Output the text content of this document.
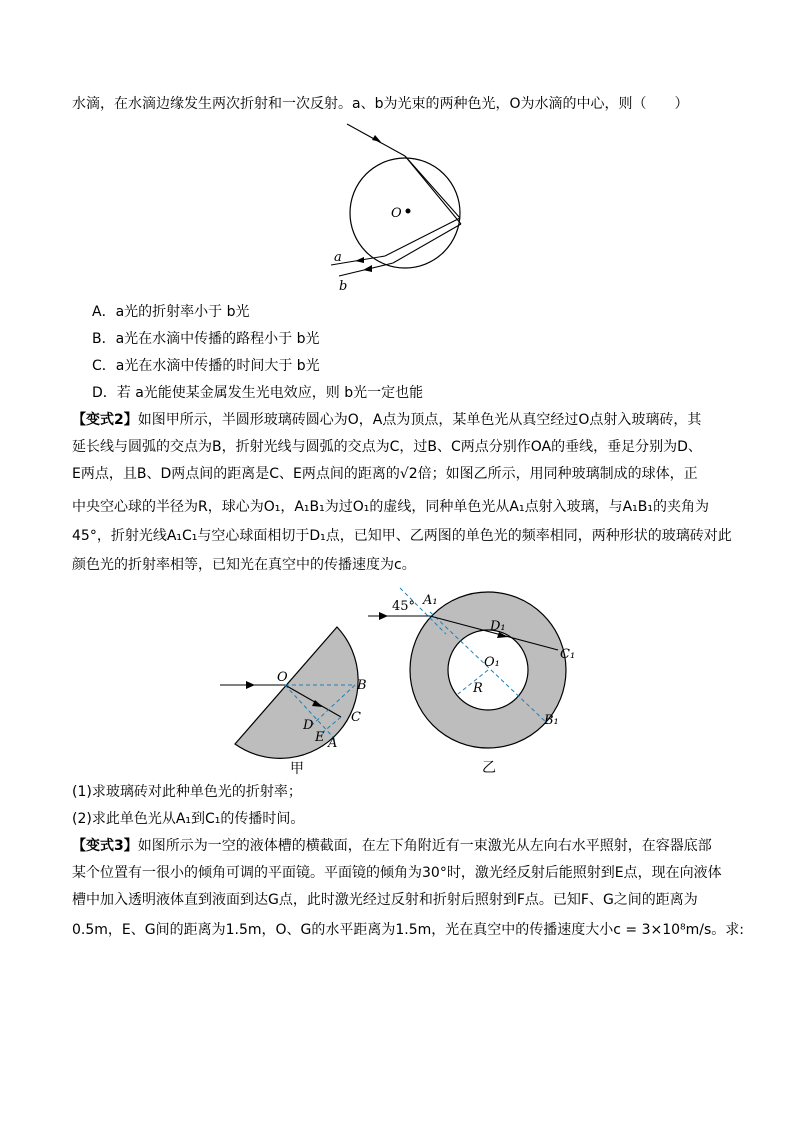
水滴，在水滴边缘发生两次折射和一次反射。a、b为光束的两种色光，O为水滴的中心，则（　　）
O
a
b
A．a光的折射率小于 b光
B．a光在水滴中传播的路程小于 b光
C．a光在水滴中传播的时间大于 b光
D．若 a光能使某金属发生光电效应，则 b光一定也能
【变式2】如图甲所示，半圆形玻璃砖圆心为O，A点为顶点，某单色光从真空经过O点射入玻璃砖，其
延长线与圆弧的交点为B，折射光线与圆弧的交点为C，过B、C两点分别作OA的垂线，垂足分别为D、
E两点，且B、D两点间的距离是C、E两点间的距离的√2倍；如图乙所示，用同种玻璃制成的球体，正
中央空心球的半径为R，球心为O₁，A₁B₁为过O₁的虚线，同种单色光从A₁点射入玻璃，与A₁B₁的夹角为
45°，折射光线A₁C₁与空心球面相切于D₁点，已知甲、乙两图的单色光的频率相同，两种形状的玻璃砖对此
颜色光的折射率相等，已知光在真空中的传播速度为c。
O
B
C
D
E A
甲
45° A₁
D₁
C₁
O₁
R
B₁
乙
(1)求玻璃砖对此种单色光的折射率；
(2)求此单色光从A₁到C₁的传播时间。
【变式3】如图所示为一空的液体槽的横截面，在左下角附近有一束激光从左向右水平照射，在容器底部
某个位置有一很小的倾角可调的平面镜。平面镜的倾角为30°时，激光经反射后能照射到E点，现在向液体
槽中加入透明液体直到液面到达G点，此时激光经过反射和折射后照射到F点。已知F、G之间的距离为
0.5m，E、G间的距离为1.5m，O、G的水平距离为1.5m，光在真空中的传播速度大小c = 3×10⁸m/s。求:
